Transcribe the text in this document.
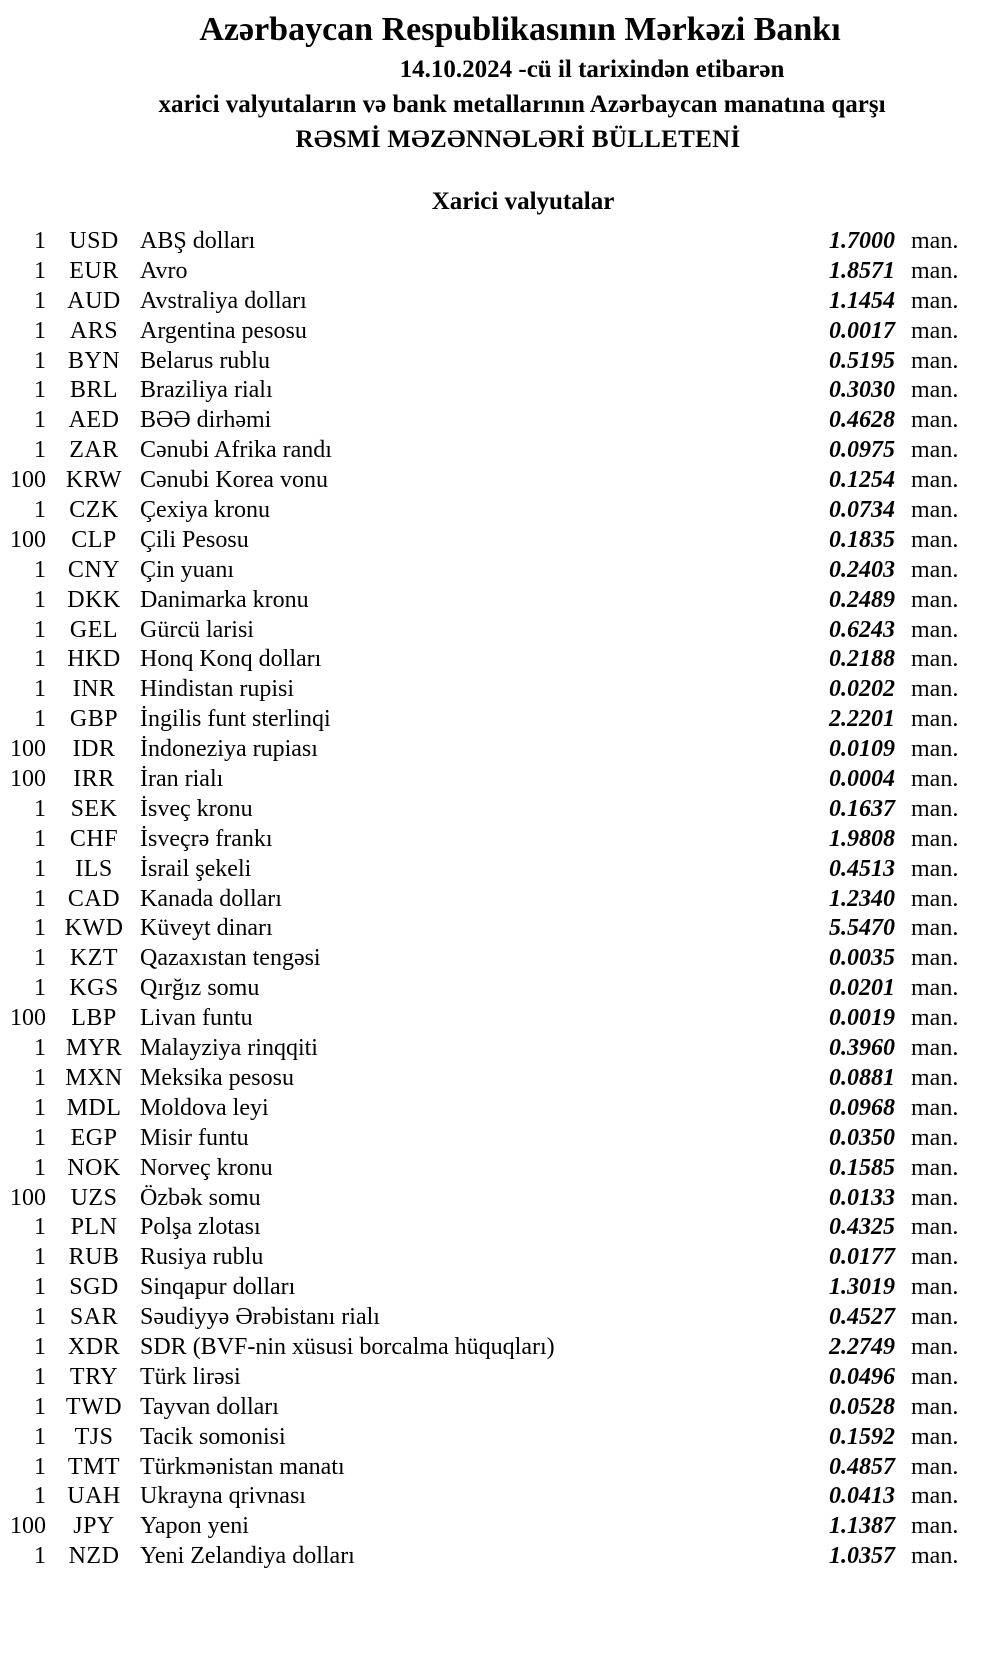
Azərbaycan Respublikasının Mərkəzi Bankı
14.10.2024 -cü il tarixindən etibarən
xarici valyutaların və bank metallarının Azərbaycan manatına qarşı
RƏSMİ MƏZƏNNƏLƏRİ BÜLLETENİ
Xarici valyutalar
1 USD ABŞ dolları	1.7000 man.
1 EUR Avro	1.8571 man.
1 AUD Avstraliya dolları	1.1454 man.
1 ARS Argentina pesosu	0.0017 man.
1 BYN Belarus rublu	0.5195 man.
1 BRL Braziliya rialı	0.3030 man.
1 AED BƏƏ dirhəmi	0.4628 man.
1 ZAR Cənubi Afrika randı	0.0975 man.
100 KRW Cənubi Korea vonu	0.1254 man.
1 CZK Çexiya kronu	0.0734 man.
100	CLP Çili Pesosu	0.1835 man.
1 CNY Çin yuanı	0.2403 man.
1 DKK Danimarka kronu	0.2489 man.
1 GEL Gürcü larisi	0.6243 man.
1 HKD Honq Konq dolları	0.2188 man.
1	INR	Hindistan rupisi	0.0202 man.
1 GBP İngilis funt sterlinqi	2.2201 man.
100	IDR	İndoneziya rupiası	0.0109 man.
100	IRR	İran rialı	0.0004 man.
1	SEK İsveç kronu	0.1637 man.
1 CHF İsveçrə frankı	1.9808 man.
1	ILS	İsrail şekeli	0.4513 man.
1 CAD Kanada dolları	1.2340 man.
1 KWD Küveyt dinarı	5.5470 man.
1 KZT Qazaxıstan tengəsi	0.0035 man.
1 KGS Qırğız somu	0.0201 man.
100	LBP Livan funtu	0.0019 man.
1 MYR Malayziya rinqqiti	0.3960 man.
1 MXN Meksika pesosu	0.0881 man.
1 MDL Moldova leyi	0.0968 man.
1	EGP Misir funtu	0.0350 man.
1 NOK Norveç kronu	0.1585 man.
100	UZS Özbək somu	0.0133 man.
1	PLN Polşa zlotası	0.4325 man.
1 RUB Rusiya rublu	0.0177 man.
1 SGD Sinqapur dolları	1.3019 man.
1 SAR Səudiyyə Ərəbistanı rialı	0.4527 man.
1 XDR SDR (BVF-nin xüsusi borcalma hüquqları)	2.2749 man.
1 TRY Türk lirəsi	0.0496 man.
1 TWD Tayvan dolları	0.0528 man.
1	TJS	Tacik somonisi	0.1592 man.
1 TMT Türkmənistan manatı	0.4857 man.
1 UAH Ukrayna qrivnası	0.0413 man.
100	JPY	Yapon yeni	1.1387 man.
1 NZD Yeni Zelandiya dolları	1.0357 man.
